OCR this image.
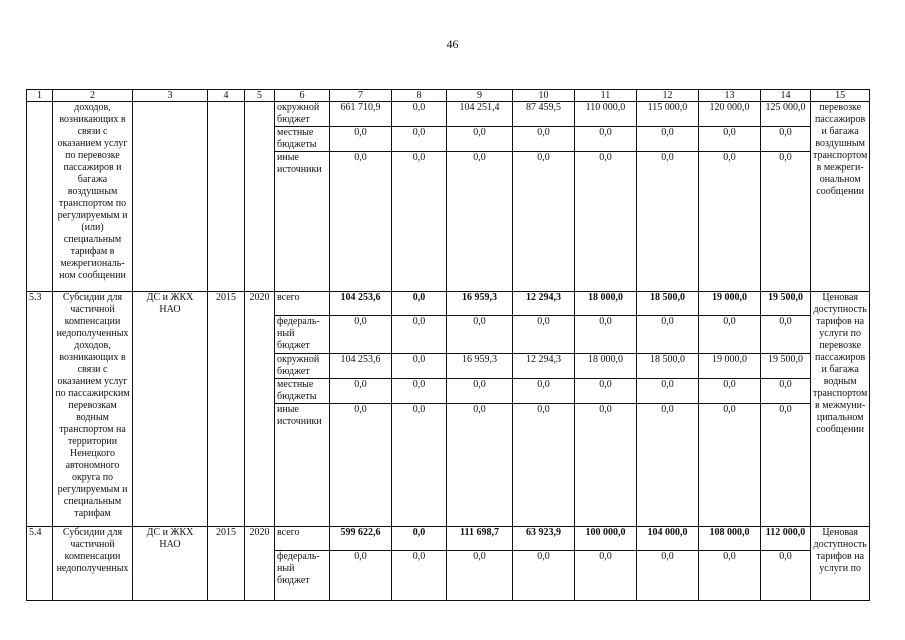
46
1	2	3	4	5	6	7	8	9	10	11	12	13	14	15
	доходов, возникающих в связи с оказанием услуг по перевозке пассажиров и багажа воздушным транспортом по регулируемым и (или) специальным тарифам в межрегиональ-ном сообщении				окружной бюджет	661 710,9	0,0	104 251,4	87 459,5	110 000,0	115 000,0	120 000,0	125 000,0	перевозке пассажиров и багажа воздушным транспортом в межреги-ональном сообщении
					местные бюджеты	0,0	0,0	0,0	0,0	0,0	0,0	0,0	0,0	
					иные источники	0,0	0,0	0,0	0,0	0,0	0,0	0,0	0,0	
5.3	Субсидии для частичной компенсации недополученных доходов, возникающих в связи с оказанием услуг по пассажирским перевозкам водным транспортом на территории Ненецкого автономного округа по регулируемым и специальным тарифам	ДС и ЖКХ НАО	2015	2020	всего	104 253,6	0,0	16 959,3	12 294,3	18 000,0	18 500,0	19 000,0	19 500,0	Ценовая доступность тарифов на услуги по перевозке пассажиров и багажа водным транспортом в межмуни-ципальном сообщении
					федераль-ный бюджет	0,0	0,0	0,0	0,0	0,0	0,0	0,0	0,0	
					окружной бюджет	104 253,6	0,0	16 959,3	12 294,3	18 000,0	18 500,0	19 000,0	19 500,0	
					местные бюджеты	0,0	0,0	0,0	0,0	0,0	0,0	0,0	0,0	
					иные источники	0,0	0,0	0,0	0,0	0,0	0,0	0,0	0,0	
5.4	Субсидии для частичной компенсации недополученных	ДС и ЖКХ НАО	2015	2020	всего	599 622,6	0,0	111 698,7	63 923,9	100 000,0	104 000,0	108 000,0	112 000,0	Ценовая доступность тарифов на услуги по
					федераль-ный бюджет	0,0	0,0	0,0	0,0	0,0	0,0	0,0	0,0	
